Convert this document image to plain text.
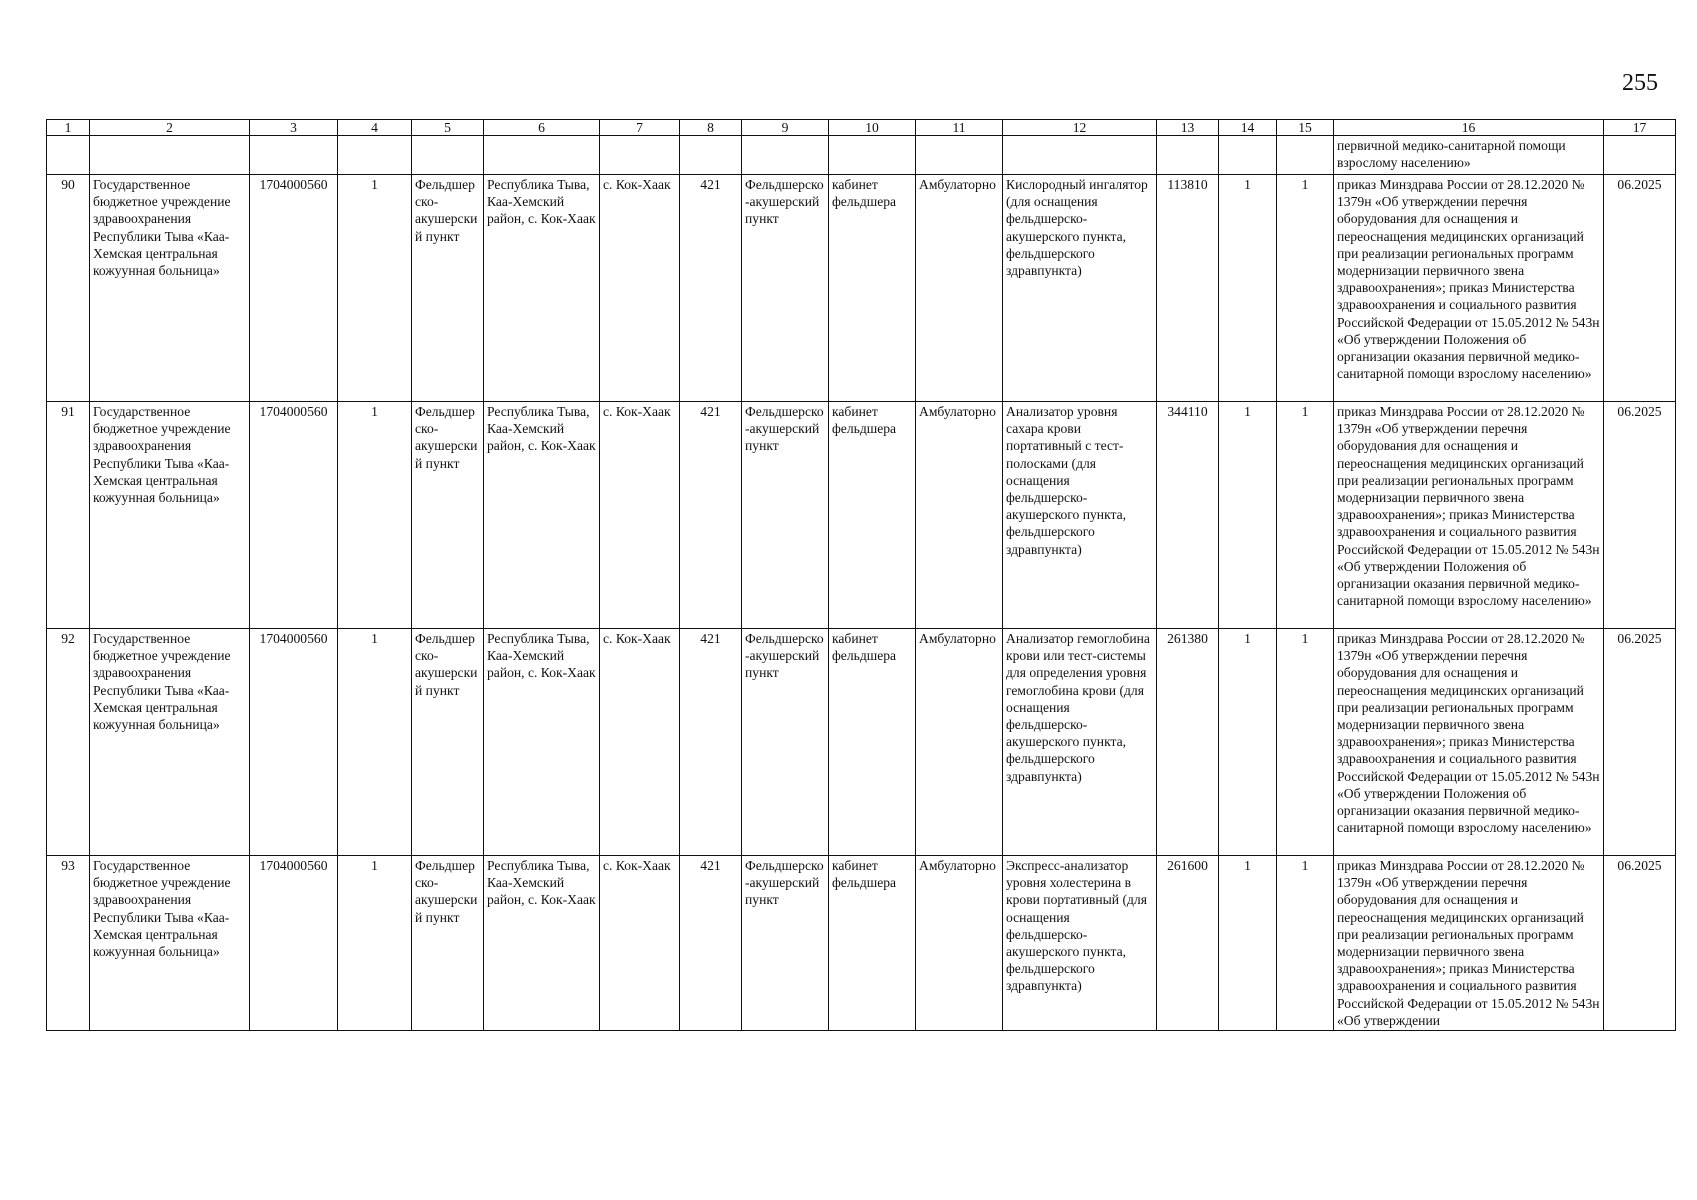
255
1	2	3	4	5	6	7	8	9	10	11	12	13	14	15	16	17
															первичной медико-санитарной помощи взрослому населению»	
90	Государственное бюджетное учреждение здравоохранения Республики Тыва «Каа-Хемская центральная кожуунная больница»	1704000560	1	Фельдшерско-акушерский пункт	Республика Тыва, Каа-Хемский район, с. Кок-Хаак	с. Кок-Хаак	421	Фельдшерско-акушерский пункт	кабинет фельдшера	Амбулаторно	Кислородный ингалятор (для оснащения фельдшерско-акушерского пункта, фельдшерского здравпункта)	113810	1	1	приказ Минздрава России от 28.12.2020 № 1379н «Об утверждении перечня оборудования для оснащения и переоснащения медицинских организаций при реализации региональных программ модернизации первичного звена здравоохранения»; приказ Министерства здравоохранения и социального развития Российской Федерации от 15.05.2012 № 543н «Об утверждении Положения об организации оказания первичной медико-санитарной помощи взрослому населению»	06.2025
91	Государственное бюджетное учреждение здравоохранения Республики Тыва «Каа-Хемская центральная кожуунная больница»	1704000560	1	Фельдшерско-акушерский пункт	Республика Тыва, Каа-Хемский район, с. Кок-Хаак	с. Кок-Хаак	421	Фельдшерско-акушерский пункт	кабинет фельдшера	Амбулаторно	Анализатор уровня сахара крови портативный с тест-полосками (для оснащения фельдшерско-акушерского пункта, фельдшерского здравпункта)	344110	1	1	приказ Минздрава России от 28.12.2020 № 1379н «Об утверждении перечня оборудования для оснащения и переоснащения медицинских организаций при реализации региональных программ модернизации первичного звена здравоохранения»; приказ Министерства здравоохранения и социального развития Российской Федерации от 15.05.2012 № 543н «Об утверждении Положения об организации оказания первичной медико-санитарной помощи взрослому населению»	06.2025
92	Государственное бюджетное учреждение здравоохранения Республики Тыва «Каа-Хемская центральная кожуунная больница»	1704000560	1	Фельдшерско-акушерский пункт	Республика Тыва, Каа-Хемский район, с. Кок-Хаак	с. Кок-Хаак	421	Фельдшерско-акушерский пункт	кабинет фельдшера	Амбулаторно	Анализатор гемоглобина крови или тест-системы для определения уровня гемоглобина крови (для оснащения фельдшерско-акушерского пункта, фельдшерского здравпункта)	261380	1	1	приказ Минздрава России от 28.12.2020 № 1379н «Об утверждении перечня оборудования для оснащения и переоснащения медицинских организаций при реализации региональных программ модернизации первичного звена здравоохранения»; приказ Министерства здравоохранения и социального развития Российской Федерации от 15.05.2012 № 543н «Об утверждении Положения об организации оказания первичной медико-санитарной помощи взрослому населению»	06.2025
93	Государственное бюджетное учреждение здравоохранения Республики Тыва «Каа-Хемская центральная кожуунная больница»	1704000560	1	Фельдшерско-акушерский пункт	Республика Тыва, Каа-Хемский район, с. Кок-Хаак	с. Кок-Хаак	421	Фельдшерско-акушерский пункт	кабинет фельдшера	Амбулаторно	Экспресс-анализатор уровня холестерина в крови портативный (для оснащения фельдшерско-акушерского пункта, фельдшерского здравпункта)	261600	1	1	приказ Минздрава России от 28.12.2020 № 1379н «Об утверждении перечня оборудования для оснащения и переоснащения медицинских организаций при реализации региональных программ модернизации первичного звена здравоохранения»; приказ Министерства здравоохранения и социального развития Российской Федерации от 15.05.2012 № 543н «Об утверждении	06.2025
